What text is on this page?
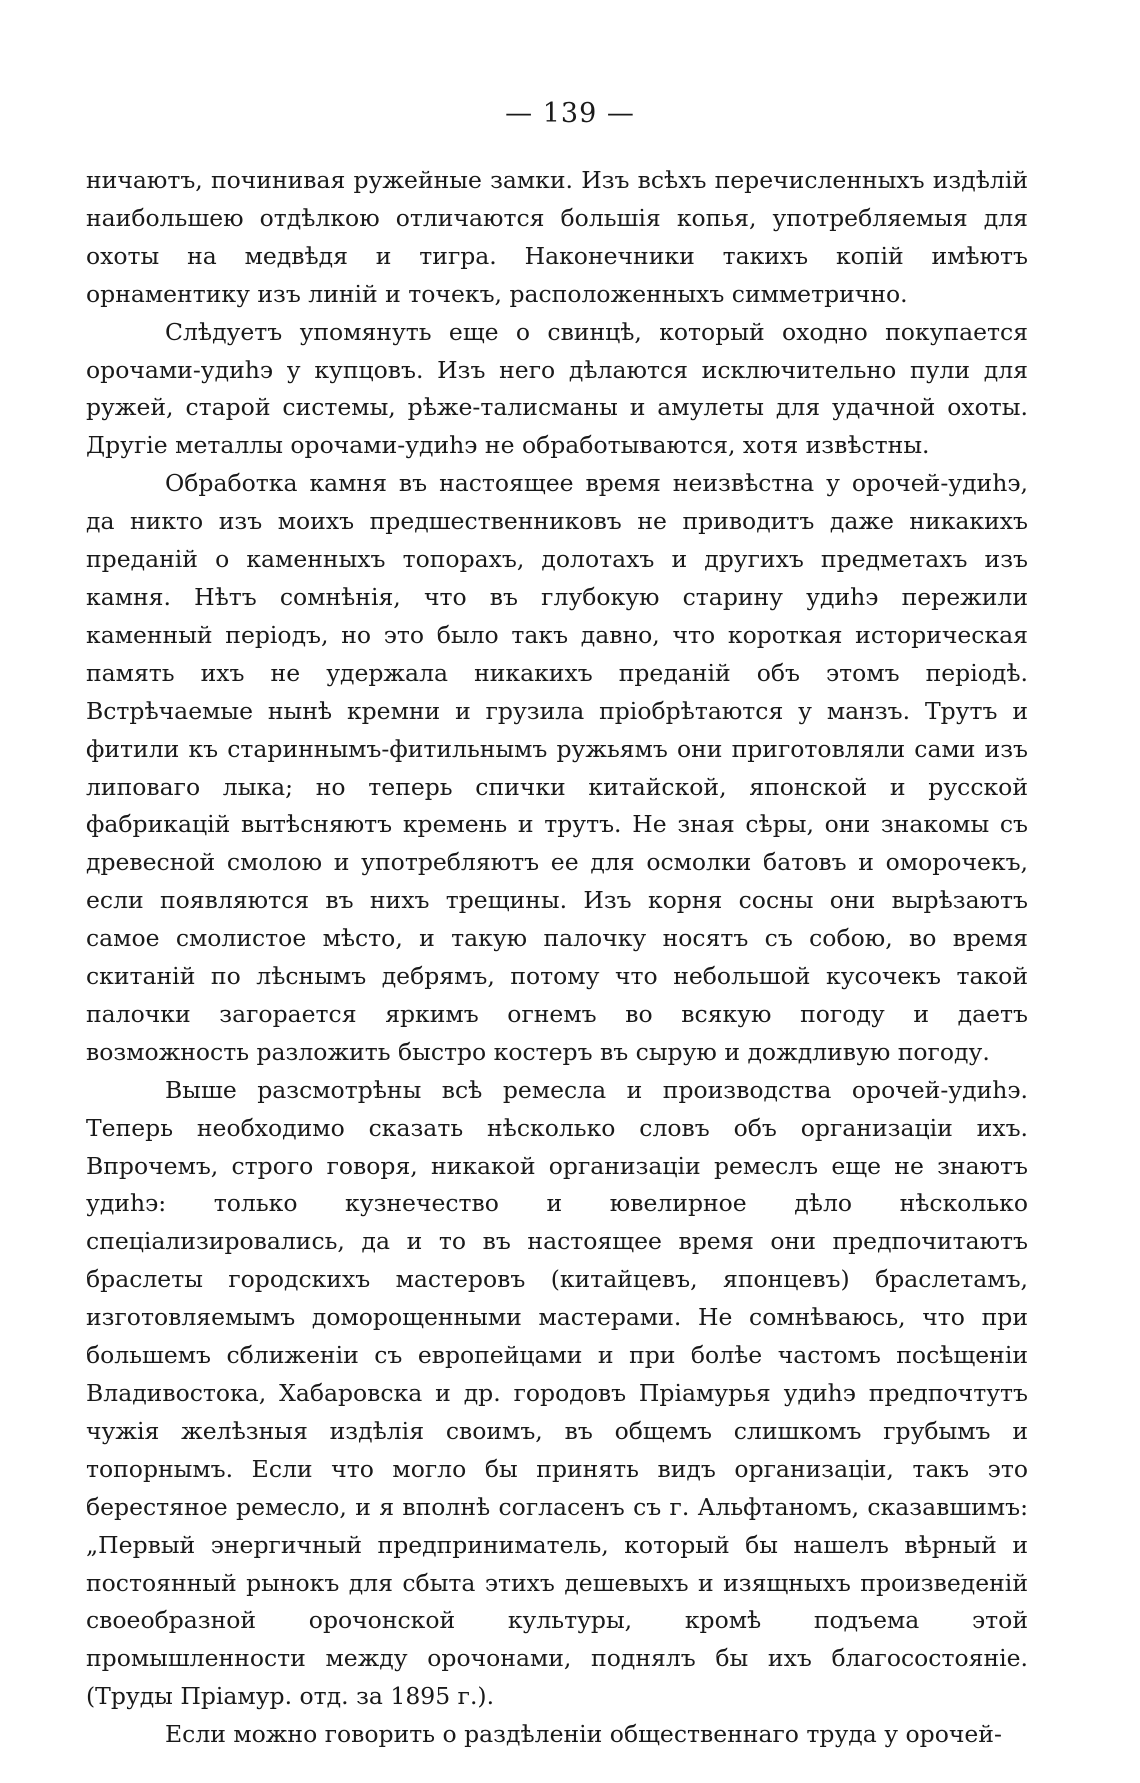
— 139 —

ничаютъ, починивая ружейные замки. Изъ всѣхъ перечисленныхъ издѣлій наибольшею отдѣлкою отличаются большія копья, употребляемыя для охоты на медвѣдя и тигра. Наконечники такихъ копій имѣютъ орнаментику изъ линій и точекъ, расположенныхъ симметрично.

Слѣдуетъ упомянуть еще о свинцѣ, который оходно покупается орочами-удиһэ у купцовъ. Изъ него дѣлаются исключительно пули для ружей, старой системы, рѣже-талисманы и амулеты для удачной охоты. Другіе металлы орочами-удиһэ не обработываются, хотя извѣстны.

Обработка камня въ настоящее время неизвѣстна у орочей-удиһэ, да никто изъ моихъ предшественниковъ не приводитъ даже никакихъ преданій о каменныхъ топорахъ, долотахъ и другихъ предметахъ изъ камня. Нѣтъ сомнѣнія, что въ глубокую старину удиһэ пережили каменный періодъ, но это было такъ давно, что короткая историческая память ихъ не удержала никакихъ преданій объ этомъ періодѣ. Встрѣчаемые нынѣ кремни и грузила пріобрѣтаются у манзъ. Трутъ и фитили къ стариннымъ-фитильнымъ ружьямъ они приготовляли сами изъ липоваго лыка; но теперь спички китайской, японской и русской фабрикацій вытѣсняютъ кремень и трутъ. Не зная сѣры, они знакомы съ древесной смолою и употребляютъ ее для осмолки батовъ и оморочекъ, если появляются въ нихъ трещины. Изъ корня сосны они вырѣзаютъ самое смолистое мѣсто, и такую палочку носятъ съ собою, во время скитаній по лѣснымъ дебрямъ, потому что небольшой кусочекъ такой палочки загорается яркимъ огнемъ во всякую погоду и даетъ возможность разложить быстро костеръ въ сырую и дождливую погоду.

Выше разсмотрѣны всѣ ремесла и производства орочей-удиһэ. Теперь необходимо сказать нѣсколько словъ объ организаціи ихъ. Впрочемъ, строго говоря, никакой организаціи ремеслъ еще не знаютъ удиһэ: только кузнечество и ювелирное дѣло нѣсколько спеціализировались, да и то въ настоящее время они предпочитаютъ браслеты городскихъ мастеровъ (китайцевъ, японцевъ) браслетамъ, изготовляемымъ доморощенными мастерами. Не сомнѣваюсь, что при большемъ сближеніи съ европейцами и при болѣе частомъ посѣщеніи Владивостока, Хабаровска и др. городовъ Пріамурья удиһэ предпочтутъ чужія желѣзныя издѣлія своимъ, въ общемъ слишкомъ грубымъ и топорнымъ. Если что могло бы принять видъ организаціи, такъ это берестяное ремесло, и я вполнѣ согласенъ съ г. Альфтаномъ, сказавшимъ: „Первый энергичный предприниматель, который бы нашелъ вѣрный и постоянный рынокъ для сбыта этихъ дешевыхъ и изящныхъ произведеній своеобразной орочонской культуры, кромѣ подъема этой промышленности между орочонами, поднялъ бы ихъ благосостояніе. (Труды Пріамур. отд. за 1895 г.).

Если можно говорить о раздѣленіи общественнаго труда у орочей-
